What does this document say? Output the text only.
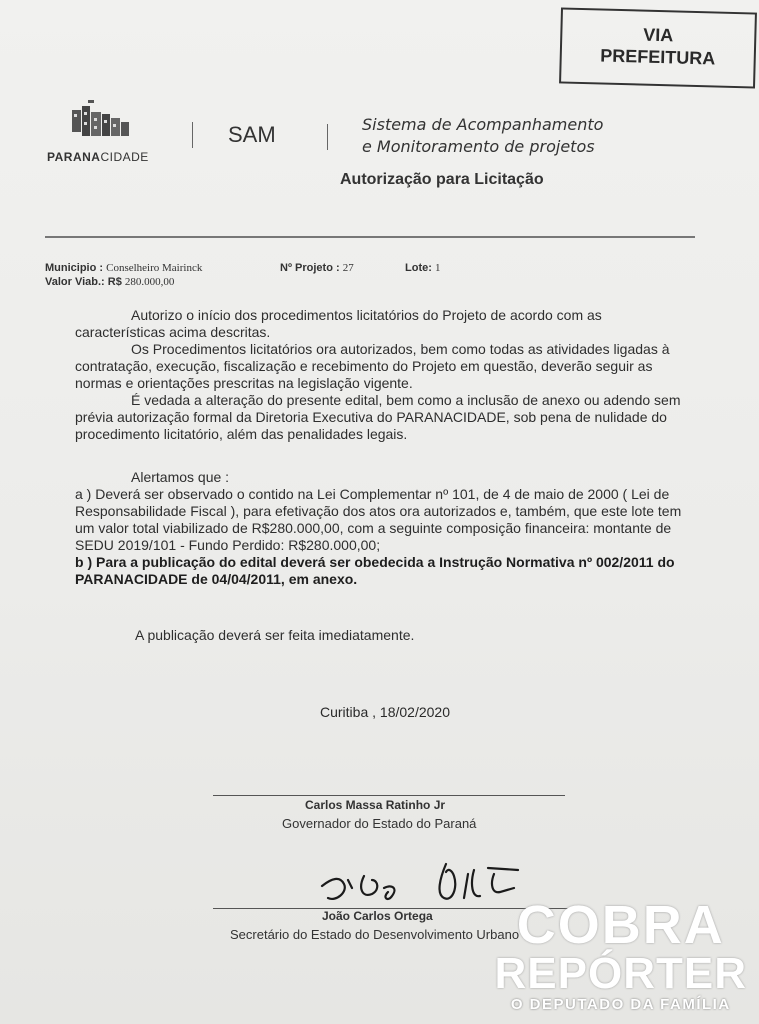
VIA
PREFEITURA
PARANACIDADE
SAM	Sistema de Acompanhamento
e Monitoramento de projetos
Autorização para Licitação
Municipio : Conselheiro Mairinck	Nº Projeto : 27	Lote: 1
Valor Viab.: R$ 280.000,00

Autorizo o início dos procedimentos licitatórios do Projeto de acordo com as características acima descritas.

Os Procedimentos licitatórios ora autorizados, bem como todas as atividades ligadas à contratação, execução, fiscalização e recebimento do Projeto em questão, deverão seguir as normas e orientações prescritas na legislação vigente.

É vedada a alteração do presente edital, bem como a inclusão de anexo ou adendo sem prévia autorização formal da Diretoria Executiva do PARANACIDADE, sob pena de nulidade do procedimento licitatório, além das penalidades legais.

Alertamos que :

a ) Deverá ser observado o contido na Lei Complementar nº 101, de 4 de maio de 2000 ( Lei de Responsabilidade Fiscal ), para efetivação dos atos ora autorizados e, também, que este lote tem um valor total viabilizado de R$280.000,00, com a seguinte composição financeira: montante de SEDU 2019/101 - Fundo Perdido: R$280.000,00;

b ) Para a publicação do edital deverá ser obedecida a Instrução Normativa nº 002/2011 do PARANACIDADE de 04/04/2011, em anexo.

A publicação deverá ser feita imediatamente.
Curitiba , 18/02/2020
Carlos Massa Ratinho Jr
Governador do Estado do Paraná
João Carlos Ortega
Secretário do Estado do Desenvolvimento Urbano
COBRA
REPÓRTER
O DEPUTADO DA FAMÍLIA
